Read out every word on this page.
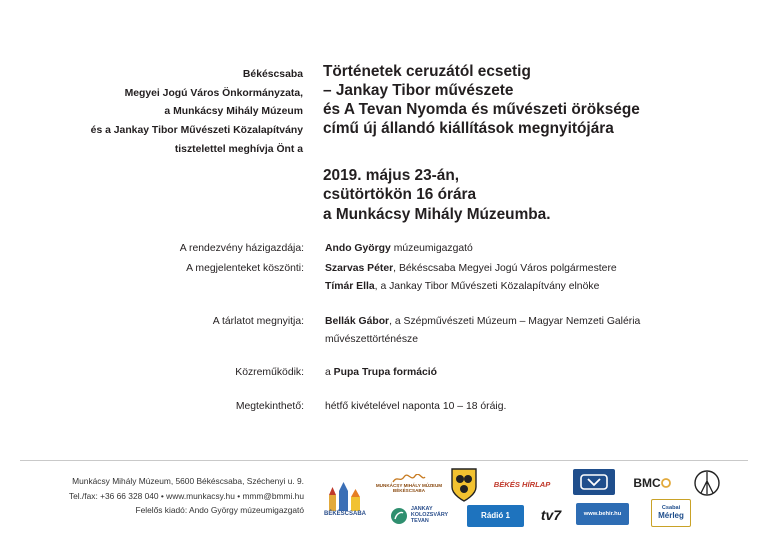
Békéscsaba
Megyei Jogú Város Önkormányzata,
a Munkácsy Mihály Múzeum
és a Jankay Tibor Művészeti Közalapítvány
tisztelettel meghívja Önt a
Történetek ceruzától ecsetig
– Jankay Tibor művészete
és A Tevan Nyomda és művészeti öröksége
című új állandó kiállítások megnyitójára
2019. május 23-án,
csütörtökön 16 órára
a Munkácsy Mihály Múzeumba.
A rendezvény házigazdája: Ando György múzeumigazgató
A megjelenteket köszönti: Szarvas Péter, Békéscsaba Megyei Jogú Város polgármestere
Tímár Ella, a Jankay Tibor Művészeti Közalapítvány elnöke
A tárlatot megnyitja: Bellák Gábor, a Szépművészeti Múzeum – Magyar Nemzeti Galéria
művészettörténésze
Közreműködik: a Pupa Trupa formáció
Megtekinthető: hétfő kivételével naponta 10 – 18 óráig.
Munkácsy Mihály Múzeum, 5600 Békéscsaba, Széchenyi u. 9.
Tel./fax: +36 66 328 040 • www.munkacsy.hu • mmm@bmmi.hu
Felelős kiadó: Ando György múzeumigazgató	BÉKÉSCSABA
MUNKÁCSY MIHÁLY MÚZEUM
BÉKÉSCSABA
BÉKÉS HÍRLAP	BMC
JANKAY
KOLOZSVÁRY
TEVAN
Rádió 1 tv7	www.behir.hu
Csabai
Mérleg
